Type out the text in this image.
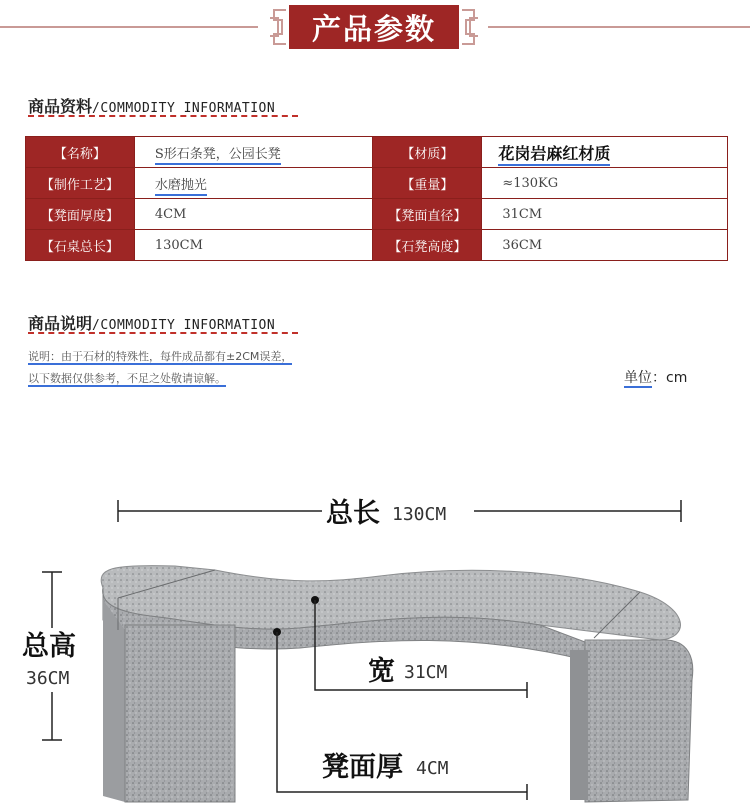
产品参数
商品资料/COMMODITY INFORMATION
【名称】	S形石条凳，公园长凳	【材质】	花岗岩麻红材质
【制作工艺】	水磨抛光	【重量】	≈130KG
【凳面厚度】	4CM	【凳面直径】	31CM
【石桌总长】	130CM	【石凳高度】	36CM
商品说明/COMMODITY INFORMATION
说明：由于石材的特殊性，每件成品都有±2CM误差，
以下数据仅供参考，不足之处敬请谅解。	单位：cm
总长 130CM
总高
36CM	宽 31CM
凳面厚 4CM
